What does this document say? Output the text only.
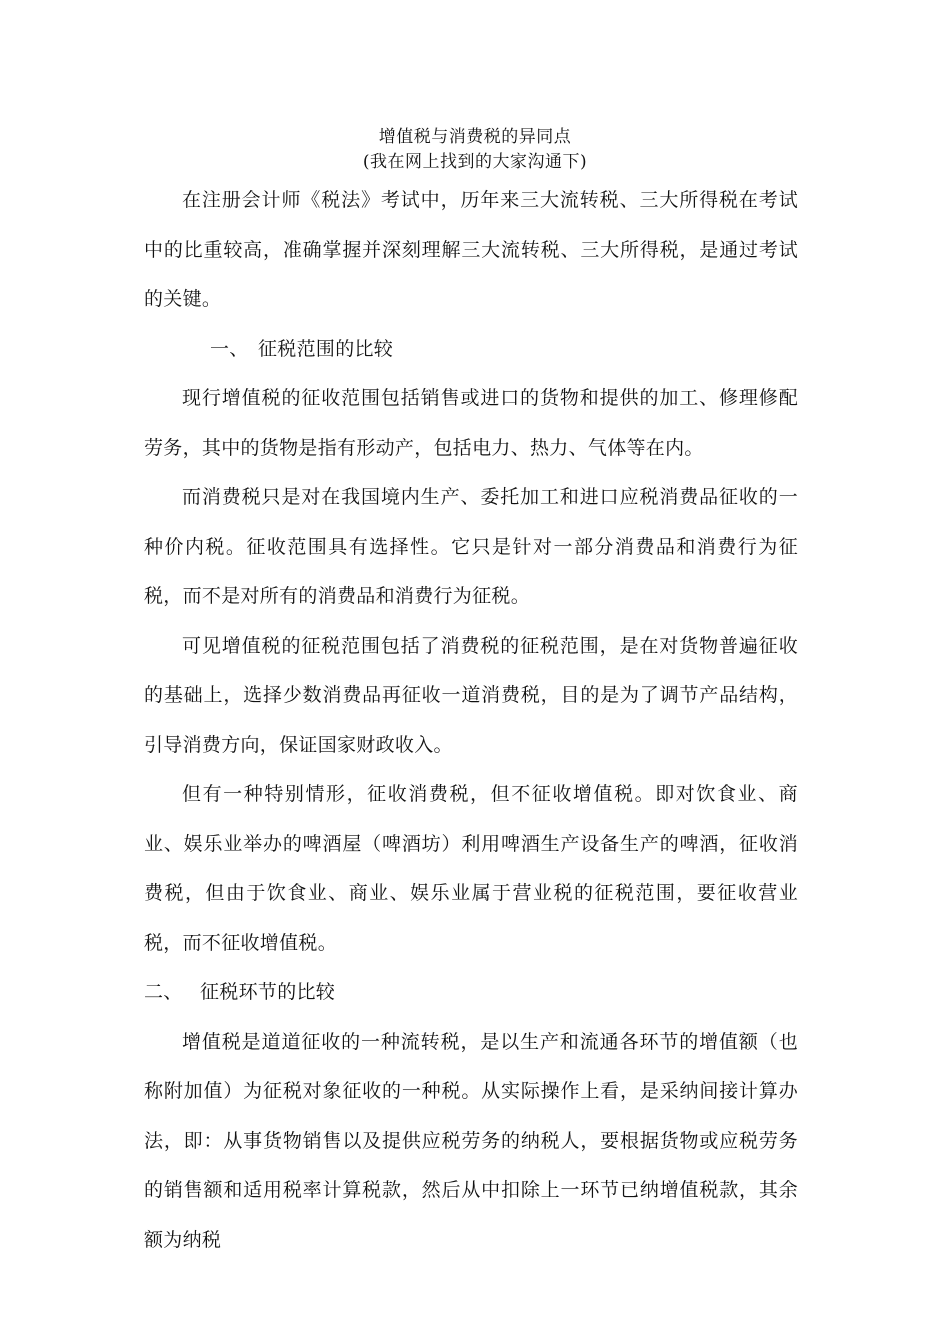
增值税与消费税的异同点
(我在网上找到的大家沟通下)

在注册会计师《税法》考试中，历年来三大流转税、三大所得税在考试中的比重较高，准确掌握并深刻理解三大流转税、三大所得税，是通过考试的关键。

一、 征税范围的比较

现行增值税的征收范围包括销售或进口的货物和提供的加工、修理修配劳务，其中的货物是指有形动产，包括电力、热力、气体等在内。

而消费税只是对在我国境内生产、委托加工和进口应税消费品征收的一种价内税。征收范围具有选择性。它只是针对一部分消费品和消费行为征税，而不是对所有的消费品和消费行为征税。

可见增值税的征税范围包括了消费税的征税范围，是在对货物普遍征收的基础上，选择少数消费品再征收一道消费税，目的是为了调节产品结构，引导消费方向，保证国家财政收入。

但有一种特别情形，征收消费税，但不征收增值税。即对饮食业、商业、娱乐业举办的啤酒屋（啤酒坊）利用啤酒生产设备生产的啤酒，征收消费税，但由于饮食业、商业、娱乐业属于营业税的征税范围，要征收营业税，而不征收增值税。

二、 征税环节的比较

增值税是道道征收的一种流转税，是以生产和流通各环节的增值额（也称附加值）为征税对象征收的一种税。从实际操作上看，是采纳间接计算办法，即：从事货物销售以及提供应税劳务的纳税人，要根据货物或应税劳务的销售额和适用税率计算税款，然后从中扣除上一环节已纳增值税款，其余额为纳税
